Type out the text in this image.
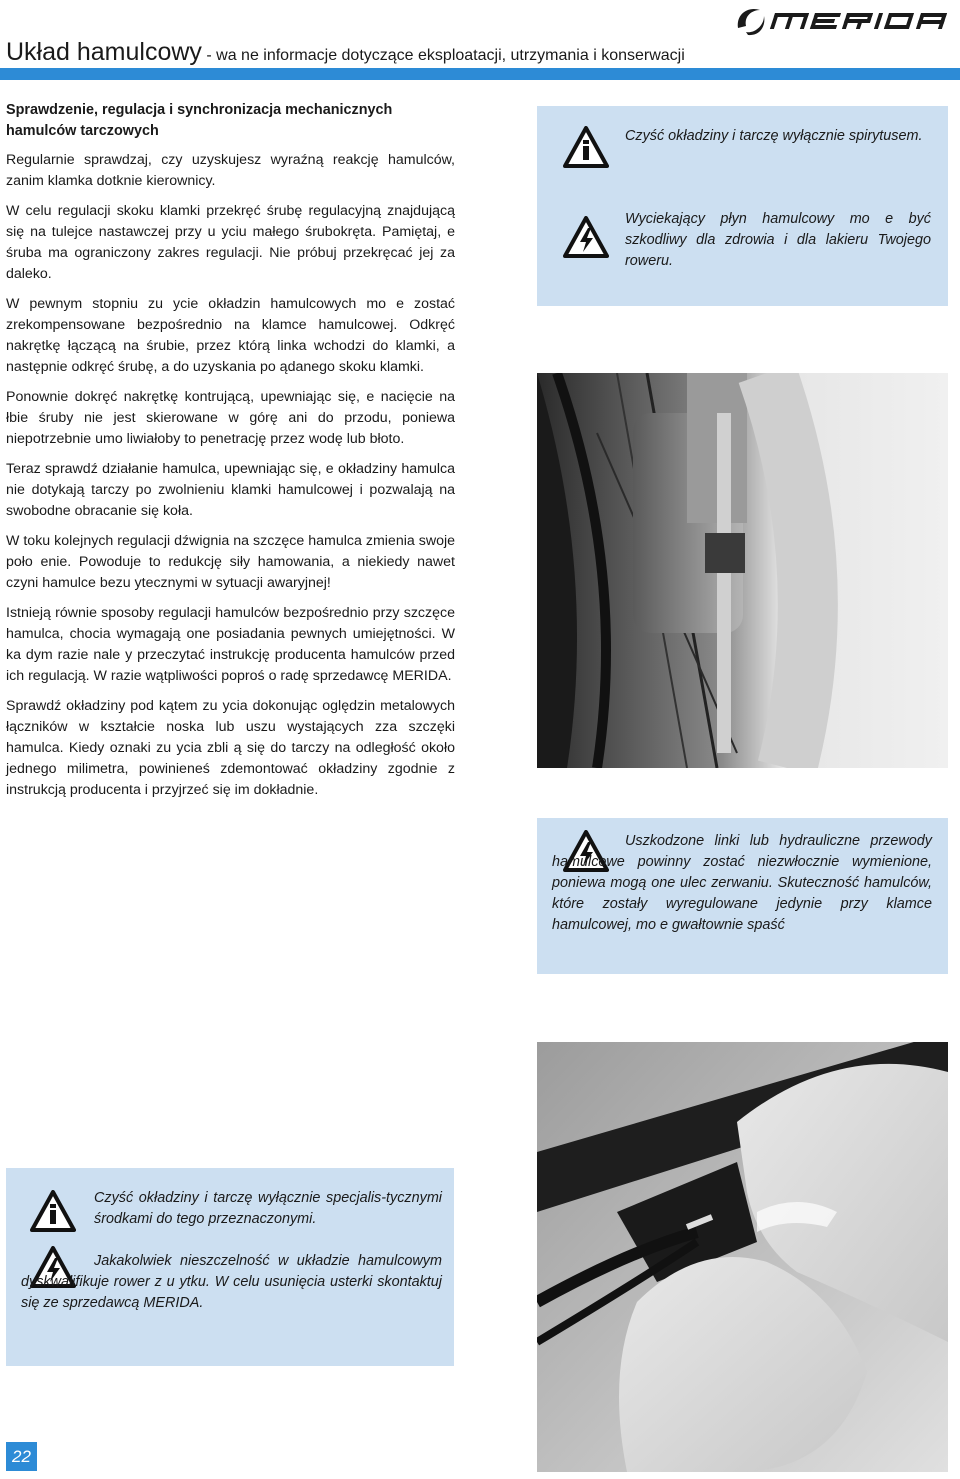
Układ hamulcowy - wa ne informacje dotyczące eksploatacji, utrzymania i konserwacji
Sprawdzenie, regulacja i synchronizacja mechanicznych hamulców tarczowych

Regularnie sprawdzaj, czy uzyskujesz wyraźną reakcję hamulców, zanim klamka dotknie kierownicy.

W celu regulacji skoku klamki przekręć śrubę regulacyjną znajdującą się na tulejce nastawczej przy u yciu małego śrubokręta. Pamiętaj, e śruba ma ograniczony zakres regulacji. Nie próbuj przekręcać jej za daleko.

W pewnym stopniu zu ycie okładzin hamulcowych mo e zostać zrekompensowane bezpośrednio na klamce hamulcowej. Odkręć nakrętkę łączącą na śrubie, przez którą linka wchodzi do klamki, a następnie odkręć śrubę, a do uzyskania po ądanego skoku klamki.

Ponownie dokręć nakrętkę kontrującą, upewniając się, e nacięcie na łbie śruby nie jest skierowane w górę ani do przodu, poniewa niepotrzebnie umo liwiałoby to penetrację przez wodę lub błoto.

Teraz sprawdź działanie hamulca, upewniając się, e okładziny hamulca nie dotykają tarczy po zwolnieniu klamki hamulcowej i pozwalają na swobodne obracanie się koła.

W toku kolejnych regulacji dźwignia na szczęce hamulca zmienia swoje poło enie. Powoduje to redukcję siły hamowania, a niekiedy nawet czyni hamulce bezu ytecznymi w sytuacji awaryjnej!

Istnieją równie sposoby regulacji hamulców bezpośrednio przy szczęce hamulca, chocia wymagają one posiadania pewnych umiejętności. W ka dym razie nale y przeczytać instrukcję producenta hamulców przed ich regulacją. W razie wątpliwości poproś o radę sprzedawcę MERIDA.

Sprawdź okładziny pod kątem zu ycia dokonując oględzin metalowych łączników w kształcie noska lub uszu wystających zza szczęki hamulca. Kiedy oznaki zu ycia zbli ą się do tarczy na odległość około jednego milimetra, powinieneś zdemontować okładziny zgodnie z instrukcją producenta i przyjrzeć się im dokładnie.

Czyść okładziny i tarczę wyłącznie spirytusem.
Wyciekający płyn hamulcowy mo e być szkodliwy dla zdrowia i dla lakieru Twojego roweru.
Uszkodzone linki lub hydrauliczne przewody hamulcowe powinny zostać niezwłocznie wymienione, poniewa mogą one ulec zerwaniu. Skuteczność hamulców, które zostały wyregulowane jedynie przy klamce hamulcowej, mo e gwałtownie spaść
Czyść okładziny i tarczę wyłącznie specjalis-tycznymi środkami do tego przeznaczonymi.
Jakakolwiek nieszczelność w układzie hamulcowym dyskwalifikuje rower z u ytku. W celu usunięcia usterki skontaktuj się ze sprzedawcą MERIDA.
22
